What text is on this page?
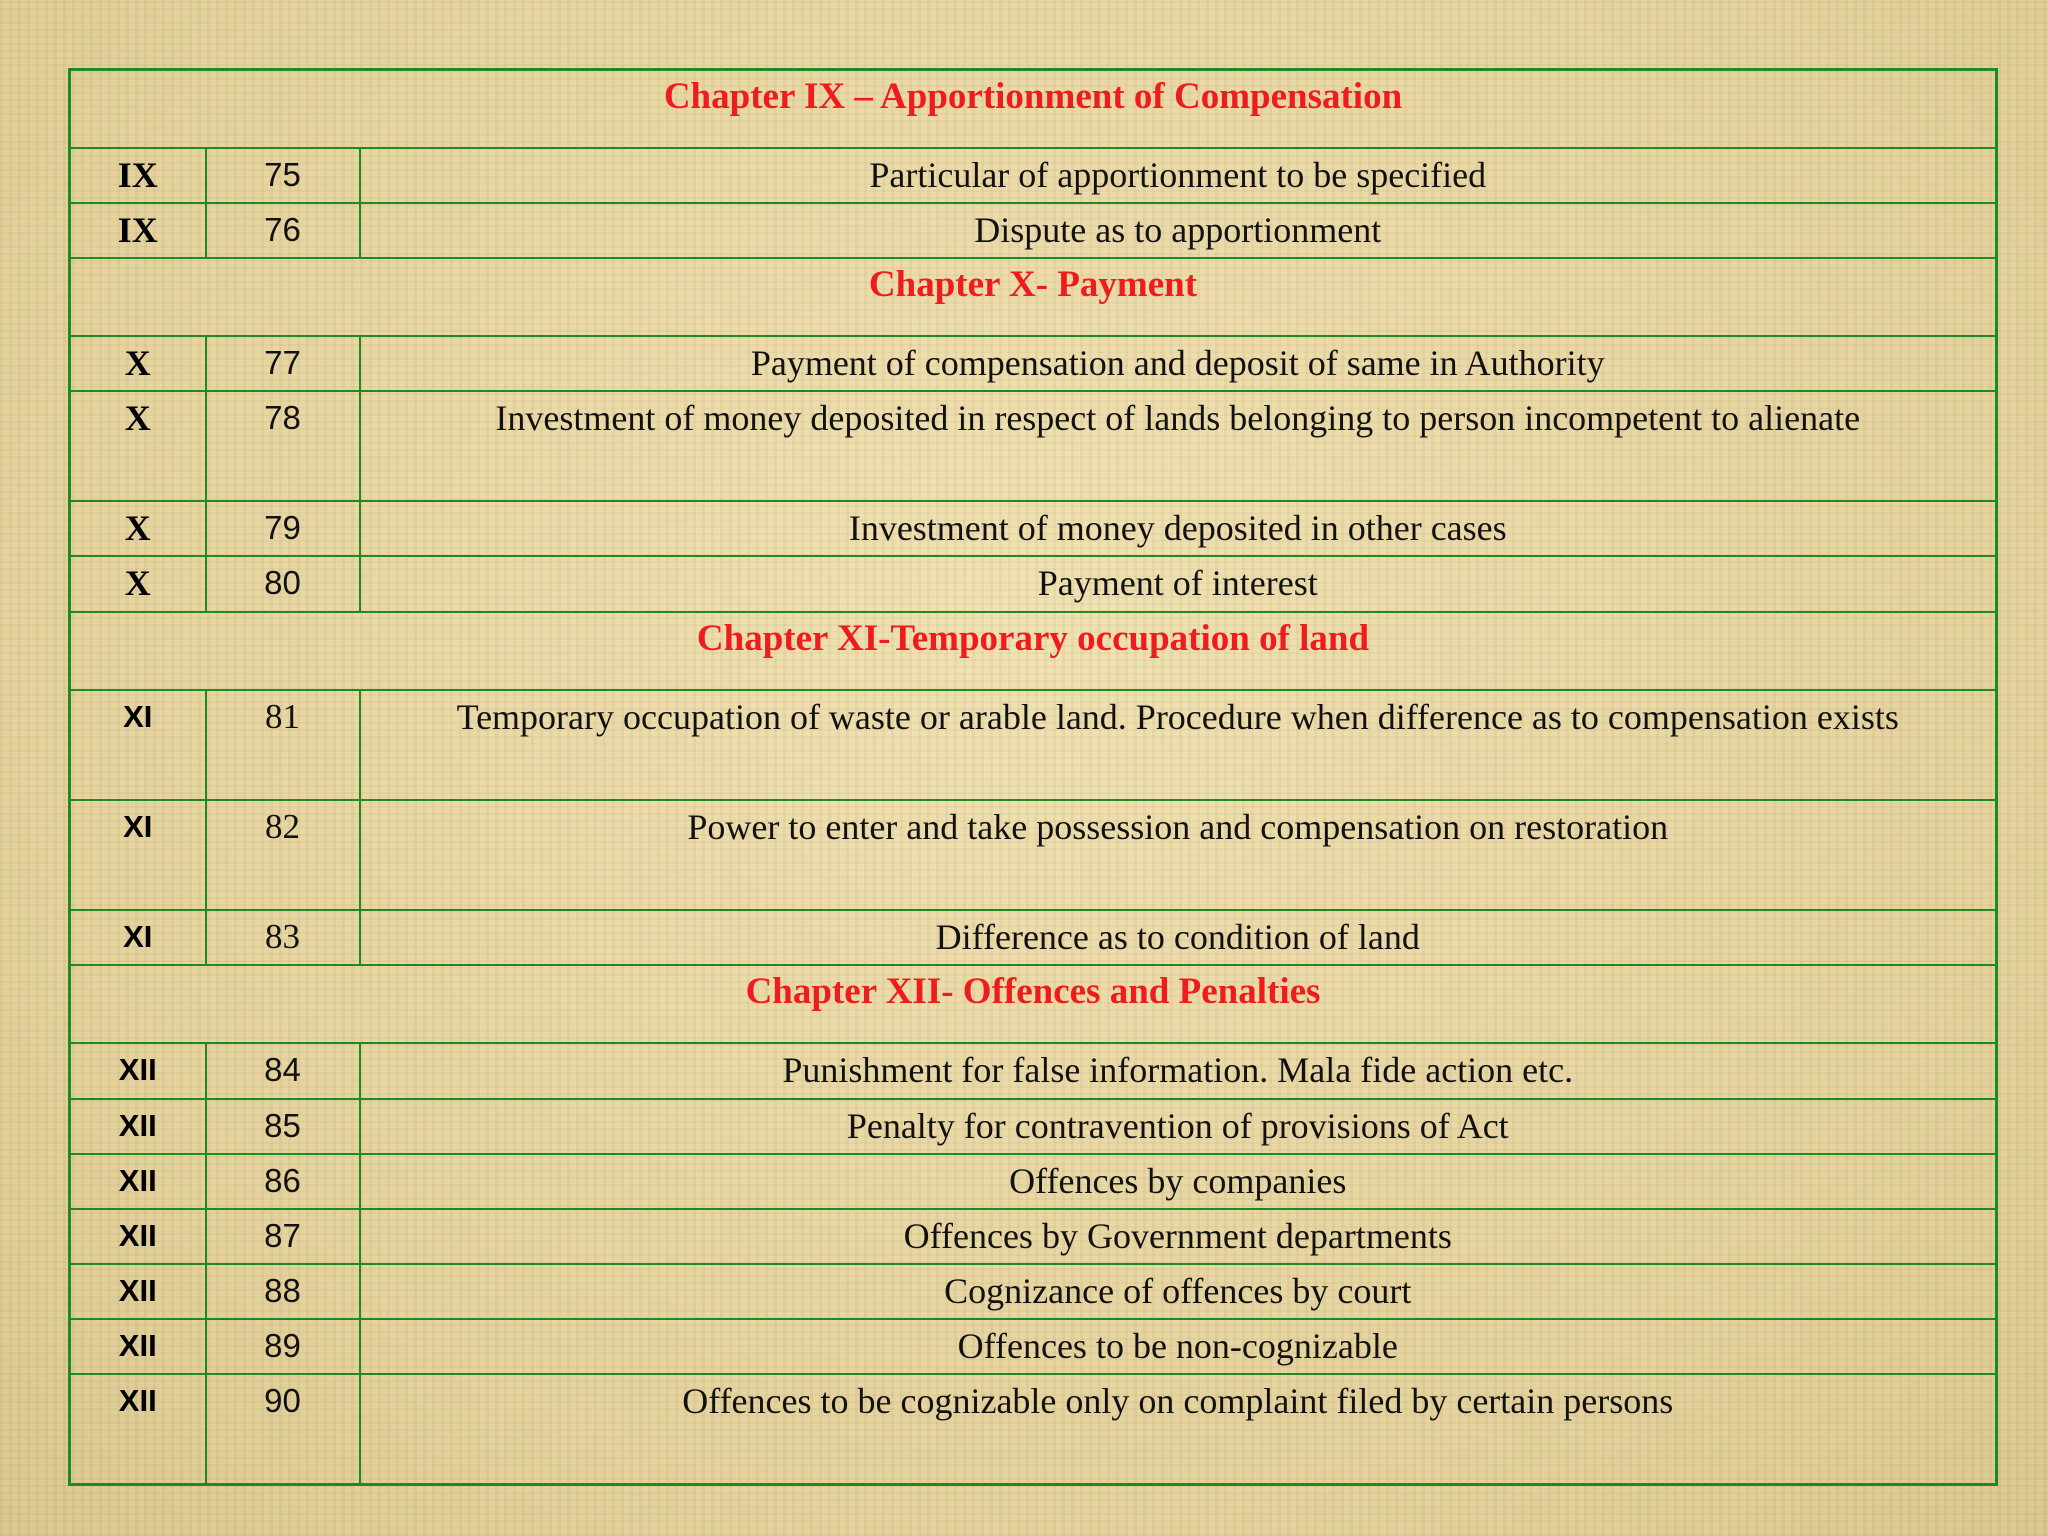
Chapter IX – Apportionment of Compensation		
IX	75	Particular of apportionment to be specified
IX	76	Dispute as to apportionment
Chapter X- Payment		
X	77	Payment of compensation and deposit of same in Authority
X	78	Investment of money deposited in respect of lands belonging to person incompetent to alienate
X	79	Investment of money deposited in other cases
X	80	Payment of interest
Chapter XI-Temporary occupation of land		
XI	81	Temporary occupation of waste or arable land. Procedure when difference as to compensation exists
XI	82	Power to enter and take possession and compensation on restoration
XI	83	Difference as to condition of land
Chapter XII- Offences and Penalties		
XII	84	Punishment for false information. Mala fide action etc.
XII	85	Penalty for contravention of provisions of Act
XII	86	Offences by companies
XII	87	Offences by Government departments
XII	88	Cognizance of offences by court
XII	89	Offences to be non-cognizable
XII	90	Offences to be cognizable only on complaint filed by certain persons
